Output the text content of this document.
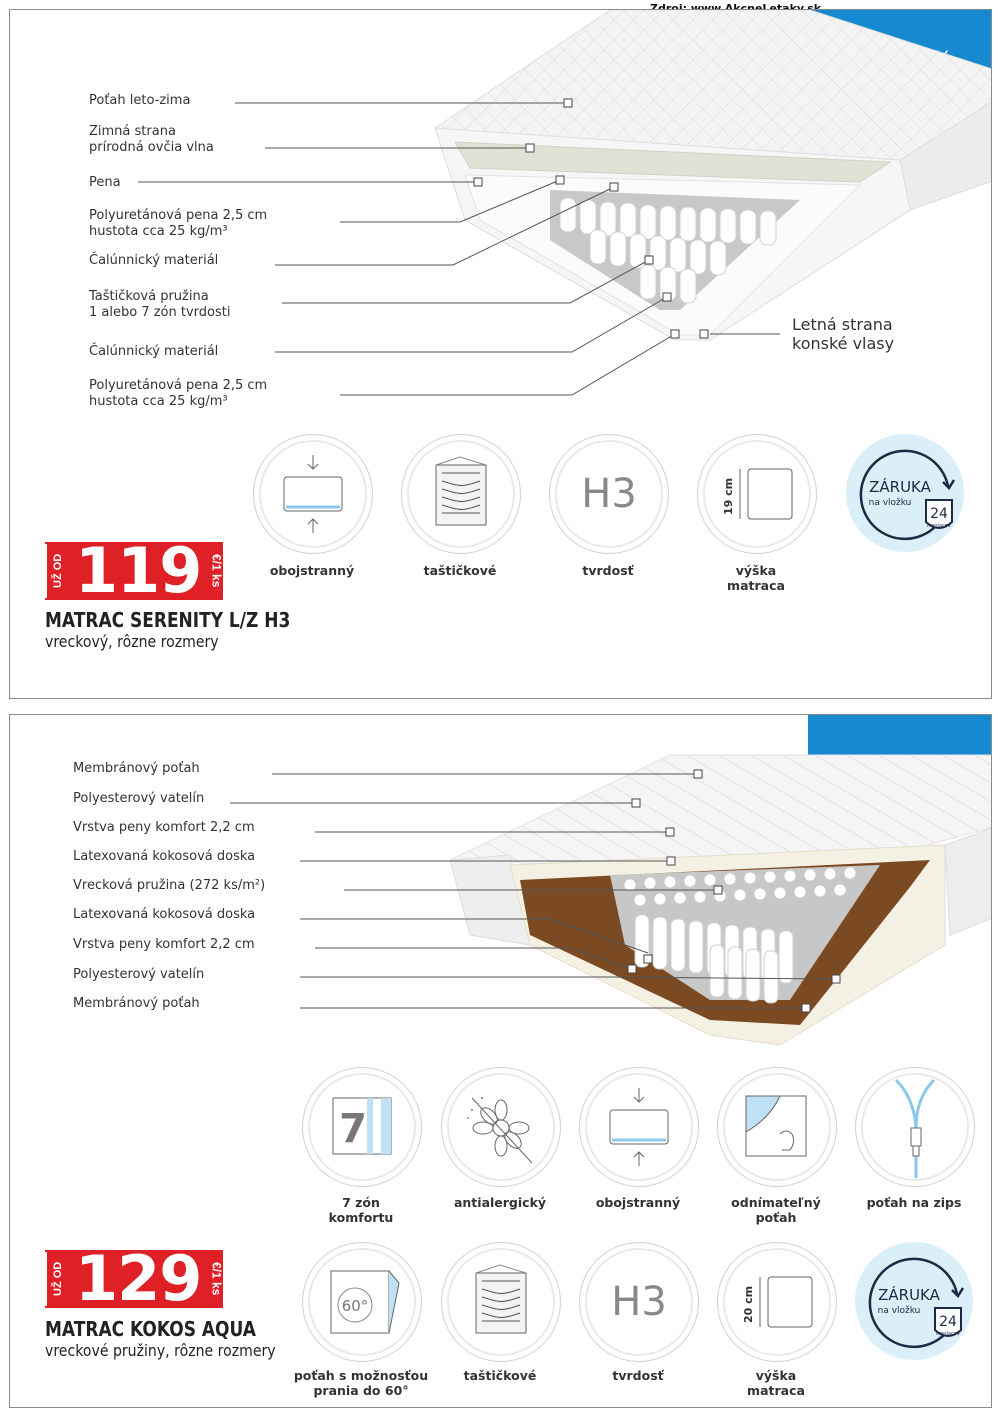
Poťah leto-zima
Zimná strana
prírodná ovčia vlna
Pena
Polyuretánová pena 2,5 cm
hustota cca 25 kg/m³
Čalúnnický materiál
Taštičková pružina
1 alebo 7 zón tvrdosti
Čalúnnický materiál
Polyuretánová pena 2,5 cm
hustota cca 25 kg/m³
Letná strana
konské vlasy
H3	19 cm
obojstranný	taštičkové	tvrdosť	výška
matraca
ZÁRUKA
na vložku
24
mesiacov
UŽ OD 119 €/1 ks
MATRAC SERENITY L/Z H3
vreckový, rôzne rozmery
Membránový poťah
Polyesterový vatelín
Vrstva peny komfort 2,2 cm
Latexovaná kokosová doska
Vrecková pružina (272 ks/m²)
Latexovaná kokosová doska
Vrstva peny komfort 2,2 cm
Polyesterový vatelín
Membránový poťah
7
7 zón
komfortu
antialergický	obojstranný	odnímateľný
poťah
poťah na zips
60°	H3	20 cm	ZÁRUKA
na vložku
24
mesiacov
poťah s možnosťou
prania do 60°
taštičkové	tvrdosť	výška
matraca
UŽ OD 129 €/1 ks
MATRAC KOKOS AQUA
vreckové pružiny, rôzne rozmery
